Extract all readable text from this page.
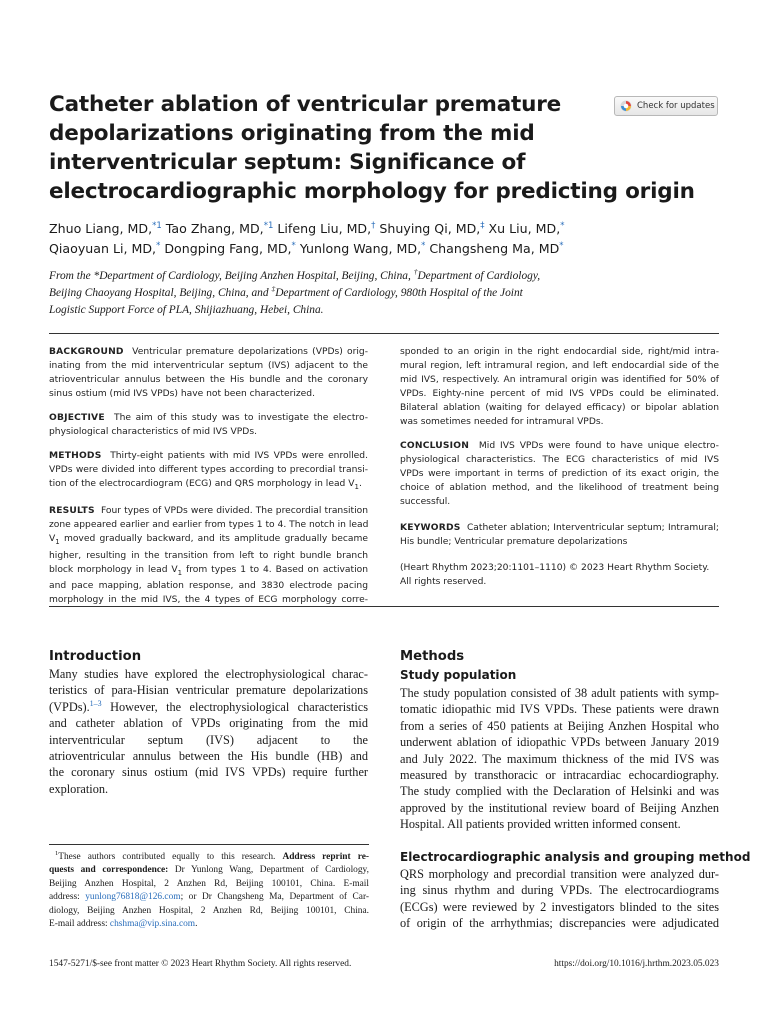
Catheter ablation of ventricular premature
depolarizations originating from the mid
interventricular septum: Significance of
electrocardiographic morphology for predicting origin
Check for updates
Zhuo Liang, MD,$^{*1}$ Tao Zhang, MD,$^{*1}$ Lifeng Liu, MD,† Shuying Qi, MD,‡ Xu Liu, MD,*
Qiaoyuan Li, MD,* Dongping Fang, MD,* Yunlong Wang, MD,* Changsheng Ma, MD*
From the *Department of Cardiology, Beijing Anzhen Hospital, Beijing, China, †Department of Cardiology,
Beijing Chaoyang Hospital, Beijing, China, and ‡Department of Cardiology, 980th Hospital of the Joint
Logistic Support Force of PLA, Shijiazhuang, Hebei, China.
BACKGROUND Ventricular premature depolarizations (VPDs) orig-
inating from the mid interventricular septum (IVS) adjacent to the
atrioventricular annulus between the His bundle and the coronary
sinus ostium (mid IVS VPDs) have not been characterized.
OBJECTIVE The aim of this study was to investigate the electro-
physiological characteristics of mid IVS VPDs.
METHODS Thirty-eight patients with mid IVS VPDs were enrolled.
VPDs were divided into different types according to precordial transi-
tion of the electrocardiogram (ECG) and QRS morphology in lead $V_1$.
RESULTS Four types of VPDs were divided. The precordial transition
zone appeared earlier and earlier from types 1 to 4. The notch in lead
$V_1$ moved gradually backward, and its amplitude gradually became
higher, resulting in the transition from left to right bundle branch
block morphology in lead $V_1$ from types 1 to 4. Based on activation
and pace mapping, ablation response, and 3830 electrode pacing
morphology in the mid IVS, the 4 types of ECG morphology corre-
sponded to an origin in the right endocardial side, right/mid intra-
mural region, left intramural region, and left endocardial side of the
mid IVS, respectively. An intramural origin was identified for 50% of
VPDs. Eighty-nine percent of mid IVS VPDs could be eliminated.
Bilateral ablation (waiting for delayed efficacy) or bipolar ablation
was sometimes needed for intramural VPDs.
CONCLUSION Mid IVS VPDs were found to have unique electro-
physiological characteristics. The ECG characteristics of mid IVS
VPDs were important in terms of prediction of its exact origin, the
choice of ablation method, and the likelihood of treatment being
successful.
KEYWORDS Catheter ablation; Interventricular septum; Intramural;
His bundle; Ventricular premature depolarizations
(Heart Rhythm 2023;20:1101–1110) © 2023 Heart Rhythm Society.
All rights reserved.
Introduction
Many studies have explored the electrophysiological charac-
teristics of para-Hisian ventricular premature depolarizations
(VPDs).$^{1-3}$ However, the electrophysiological characteristics
and catheter ablation of VPDs originating from the mid
interventricular septum (IVS) adjacent to the
atrioventricular annulus between the His bundle (HB) and
the coronary sinus ostium (mid IVS VPDs) require further
exploration.
$^1$These authors contributed equally to this research. Address reprint re-
quests and correspondence: Dr Yunlong Wang, Department of Cardiology,
Beijing Anzhen Hospital, 2 Anzhen Rd, Beijing 100101, China. E-mail
address: yunlong76818@126.com; or Dr Changsheng Ma, Department of Car-
diology, Beijing Anzhen Hospital, 2 Anzhen Rd, Beijing 100101, China.
E-mail address: chshma@vip.sina.com.
Methods
Study population
The study population consisted of 38 adult patients with symp-
tomatic idiopathic mid IVS VPDs. These patients were drawn
from a series of 450 patients at Beijing Anzhen Hospital who
underwent ablation of idiopathic VPDs between January 2019
and July 2022. The maximum thickness of the mid IVS was
measured by transthoracic or intracardiac echocardiography.
The study complied with the Declaration of Helsinki and was
approved by the institutional review board of Beijing Anzhen
Hospital. All patients provided written informed consent.
Electrocardiographic analysis and grouping method
QRS morphology and precordial transition were analyzed dur-
ing sinus rhythm and during VPDs. The electrocardiograms
(ECGs) were reviewed by 2 investigators blinded to the sites
of origin of the arrhythmias; discrepancies were adjudicated
1547-5271/$-see front matter © 2023 Heart Rhythm Society. All rights reserved.	https://doi.org/10.1016/j.hrthm.2023.05.023
